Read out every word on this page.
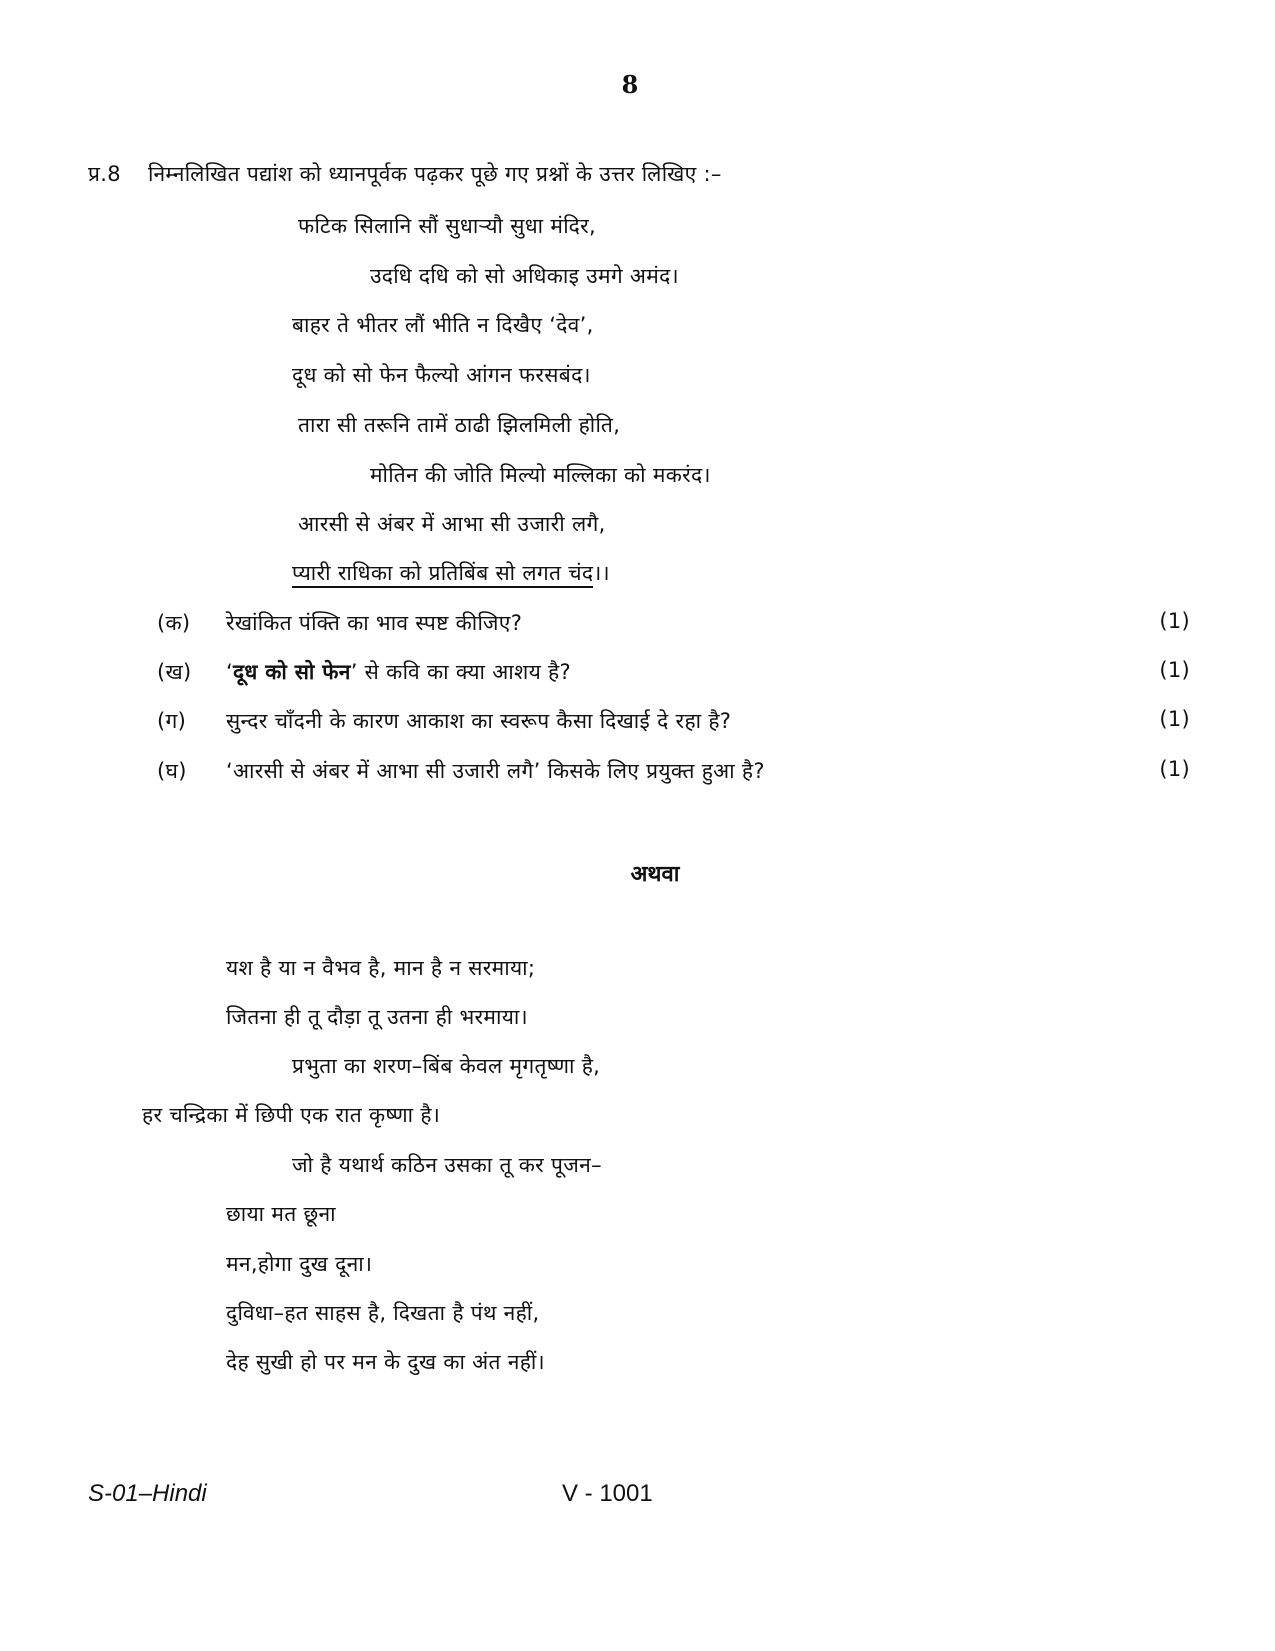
8
प्र.8 निम्नलिखित पद्यांश को ध्यानपूर्वक पढ़कर पूछे गए प्रश्नों के उत्तर लिखिए :–
फटिक सिलानि सौं सुधार्‍यौ सुधा मंदिर,
उदधि दधि को सो अधिकाइ उमगे अमंद।
बाहर ते भीतर लौं भीति न दिखैए ‘देव’,
दूध को सो फेन फैल्यो आंगन फरसबंद।
तारा सी तरूनि तामें ठाढी झिलमिली होति,
मोतिन की जोति मिल्यो मल्लिका को मकरंद।
आरसी से अंबर में आभा सी उजारी लगै,
प्यारी राधिका को प्रतिबिंब सो लगत चंद।।
(क) रेखांकित पंक्ति का भाव स्पष्ट कीजिए?	(1)
(ख) ‘दूध को सो फेन’ से कवि का क्या आशय है?	(1)
(ग) सुन्दर चाँदनी के कारण आकाश का स्वरूप कैसा दिखाई दे रहा है?	(1)
(घ) ‘आरसी से अंबर में आभा सी उजारी लगै’ किसके लिए प्रयुक्त हुआ है?	(1)
अथवा
यश है या न वैभव है, मान है न सरमाया;
जितना ही तू दौड़ा तू उतना ही भरमाया।
प्रभुता का शरण–बिंब केवल मृगतृष्णा है,
हर चन्द्रिका में छिपी एक रात कृष्णा है।
जो है यथार्थ कठिन उसका तू कर पूजन–
छाया मत छूना
मन,होगा दुख दूना।
दुविधा–हत साहस है, दिखता है पंथ नहीं,
देह सुखी हो पर मन के दुख का अंत नहीं।
S-01–Hindi	V - 1001
